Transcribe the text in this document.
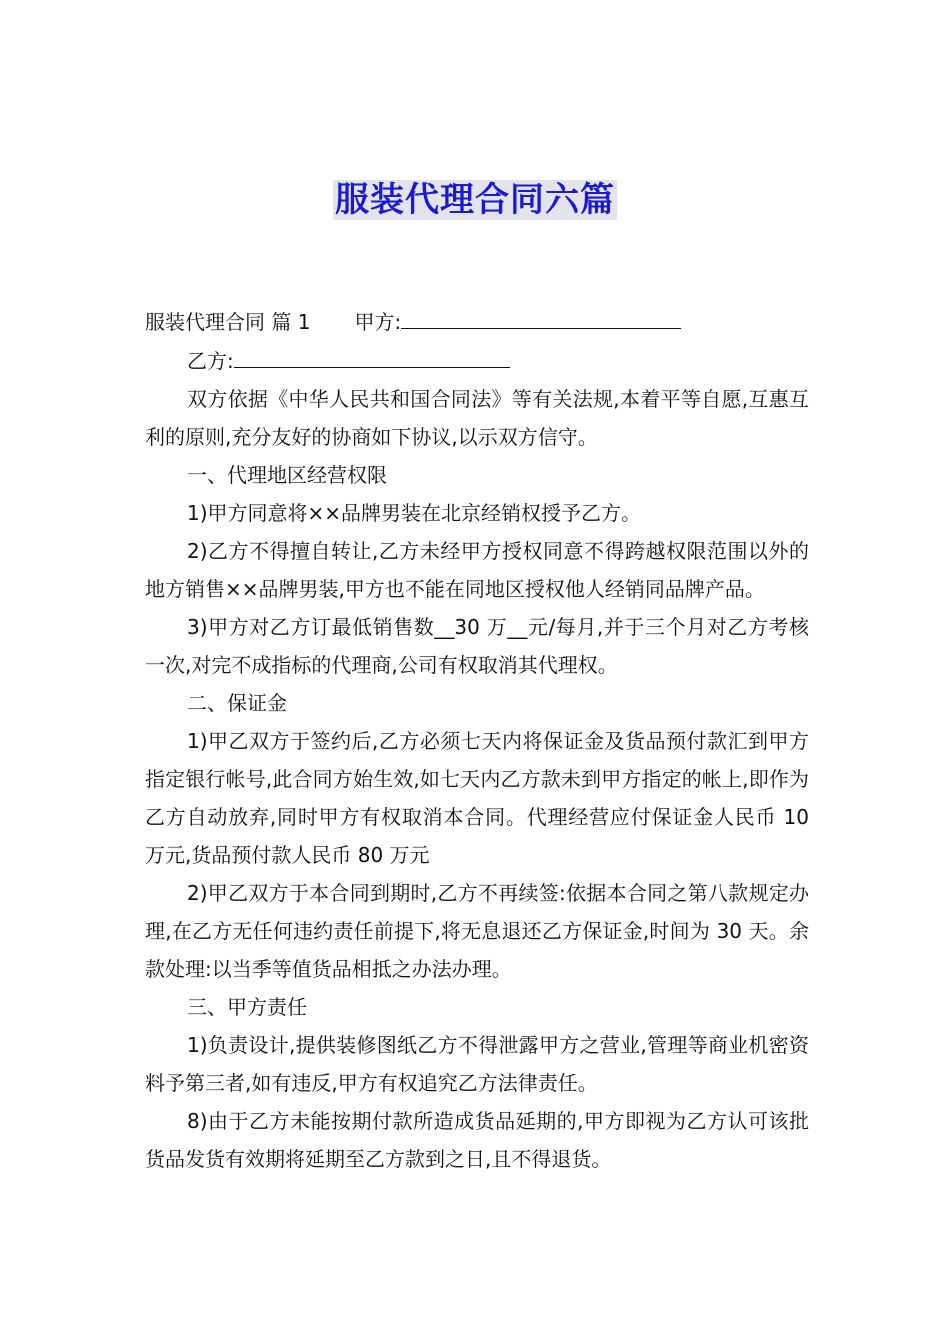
服装代理合同六篇

服装代理合同 篇 1 甲方:

乙方:

双方依据《中华人民共和国合同法》等有关法规,本着平等自愿,互惠互利的原则,充分友好的协商如下协议,以示双方信守。

一、代理地区经营权限

1)甲方同意将××品牌男装在北京经销权授予乙方。

2)乙方不得擅自转让,乙方未经甲方授权同意不得跨越权限范围以外的地方销售××品牌男装,甲方也不能在同地区授权他人经销同品牌产品。

3)甲方对乙方订最低销售数__30 万__元/每月,并于三个月对乙方考核一次,对完不成指标的代理商,公司有权取消其代理权。

二、保证金

1)甲乙双方于签约后,乙方必须七天内将保证金及货品预付款汇到甲方指定银行帐号,此合同方始生效,如七天内乙方款未到甲方指定的帐上,即作为乙方自动放弃,同时甲方有权取消本合同。代理经营应付保证金人民币 10 万元,货品预付款人民币 80 万元

2)甲乙双方于本合同到期时,乙方不再续签:依据本合同之第八款规定办理,在乙方无任何违约责任前提下,将无息退还乙方保证金,时间为 30 天。余款处理:以当季等值货品相抵之办法办理。

三、甲方责任

1)负责设计,提供装修图纸乙方不得泄露甲方之营业,管理等商业机密资料予第三者,如有违反,甲方有权追究乙方法律责任。

8)由于乙方未能按期付款所造成货品延期的,甲方即视为乙方认可该批货品发货有效期将延期至乙方款到之日,且不得退货。
